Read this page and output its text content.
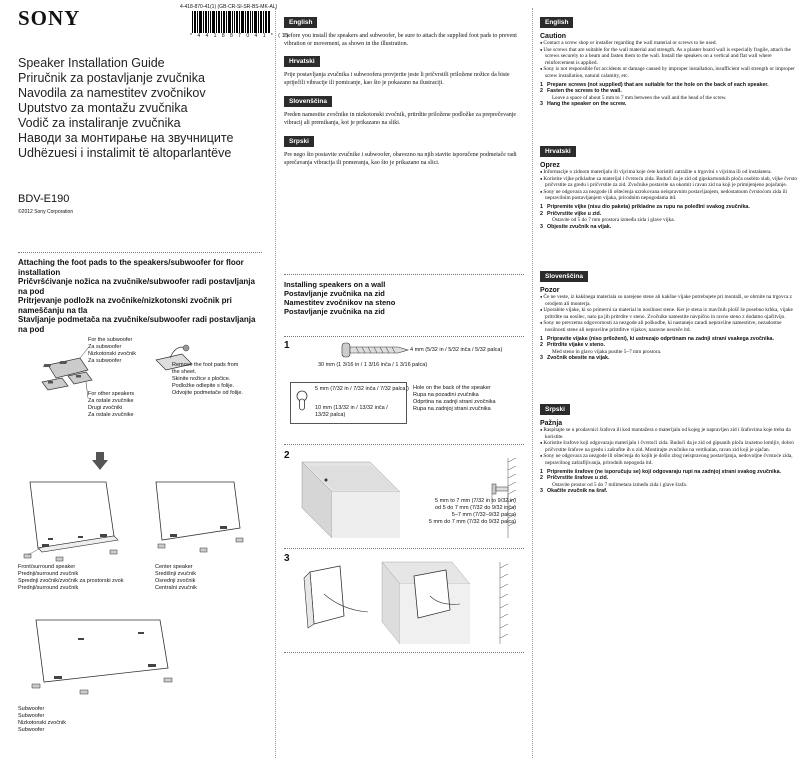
SONY	4-418-870-41(1) (GB-CR-SI-SR-BS-MK-AL)
* 4 4 1 8 8 7 0 4 1 * (1)
Speaker Installation Guide
Priručnik za postavljanje zvučnika
Navodila za namestitev zvočnikov
Uputstvo za montažu zvučnika
Vodič za instaliranje zvučnika
Наводи за монтирање на звучниците
Udhëzuesi i instalimit të altoparlantëve
BDV-E190
©2012 Sony Corporation
Attaching the foot pads to the speakers/subwoofer for floor installation
Pričvršćivanje nožica na zvučnike/subwoofer radi postavljanja na pod
Pritrjevanje podložk na zvočnike/nizkotonski zvočnik pri nameščanju na tla
Stavljanje podmetača na zvučnike/subwoofer radi postavljanja na pod
For the subwoofer
Za subwoofer
Nizkotonski zvočnik
Za subwoofer
For other speakers
Za ostale zvučnike
Drugi zvočniki
Za ostale zvučnike
Remove the foot pads from
the sheet.
Skinite nožice s pločice.
Podložke odlepite s folije.
Odvojite podmetače od folije.
Front/surround speaker
Prednji/surround zvučnik
Sprednji zvočnik/zvočnik za prostorski zvok
Prednji/surround zvučnik
Center speaker
Središnji zvučnik
Osrednji zvočnik
Centralni zvučnik
Subwoofer
Subwoofer
Nizkotonski zvočnik
Subwoofer
English
Before you install the speakers and subwoofer, be sure to attach the supplied foot pads to prevent vibration or movement, as shown in the illustration.
Hrvatski
Prije postavljanja zvučnika i subwoofera provjerite jeste li pričvrstili priložene nožice da biste spriječili vibracije ili pomicanje, kao što je pokazano na ilustraciji.
Slovenščina
Preden namestite zvočnike in nizkotonski zvočnik, pritrdite priložene podložke za preprečevanje vibracij ali premikanja, kot je prikazano na sliki.
Srpski
Pre nego što postavite zvučnike i subwoofer, obavezno na njih stavite isporučene podmetače radi sprečavanja vibracija ili pomeranja, kao što je prikazano na slici.
Installing speakers on a wall
Postavljanje zvučnika na zid
Namestitev zvočnikov na steno
Postavljanje zvučnika na zid
1	4 mm (5/32 in / 5/32 inča / 5/32 palca)
30 mm (1 3/16 in / 1 3/16 inča / 1 3/16 palca)
5 mm (7/32 in / 7/32 inča / 7/32 palca )
10 mm (13/32 in / 13/32 inča / 13/32 palca)
Hole on the back of the speaker
Rupa na pozadini zvučnika
Odprtina na zadnji strani zvočnika
Rupa na zadnjoj strani zvučnika
2
5 mm to 7 mm (7/32 in to 9/32 in)
od 5 do 7 mm (7/32 do 9/32 inča)
5–7 mm (7/32–9/32 palca)
5 mm do 7 mm (7/32 do 9/32 palca)
3
English
Caution
● Contact a screw shop or installer regarding the wall material or screws to be used.
● Use screws that are suitable for the wall material and strength. As a plaster board wall is especially fragile, attach the screws securely to a beam and fasten them to the wall. Install the speakers on a vertical and flat wall where reinforcement is applied.
● Sony is not responsible for accidents or damage caused by improper installation, insufficient wall strength or improper screw installation, natural calamity, etc.
1 Prepare screws (not supplied) that are suitable for the hole on the back of each speaker.
2 Fasten the screws to the wall.
Leave a space of about 5 mm to 7 mm between the wall and the head of the screw.
3 Hang the speaker on the screw.
Hrvatski
Oprez
● Informacije o zidnom materijalu ili vijcima koje ćete koristiti zatražite u trgovini s vijcima ili od instalatera.
● Koristite vijke prikladne za materijal i čvrstoću zida. Budući da je zid od gipskartonskih ploča osobito slab, vijke čvrsto pričvrstite za gredu i pričvrstite za zid. Zvučnike postavite na okomit i ravan zid na koji je primijenjeno pojačanje.
● Sony ne odgovara za nezgode ili oštećenja uzrokovana neispravnim postavljanjem, nedostatnom čvrstoćom zida ili nepravilnim postavljanjem vijaka, prirodnim nepogodama itd.
1 Pripremite vijke (nisu dio paketa) prikladne za rupu na poleđini svakog zvučnika.
2 Pričvrstite vijke u zid.
Ostavite od 5 do 7 mm prostora između zida i glave vijka.
3 Objesite zvučnik na vijak.
Slovenščina
Pozor
● Če ne veste, iz kakšnega materiala so narejene stene ali kakšne vijake potrebujete pri montaži, se obrnite na trgovca z orodjem ali monterja.
● Uporabite vijake, ki so primerni za material in nosilnost stene. Ker je stena iz mavčnih plošč še posebno krhka, vijake pritrdite na nosilec, nato pa jih pritrdite v steno. Zvočnike namestite navpično in ravno steno z dodatno ojačitvijo.
● Sony ne prevzema odgovornosti za nezgode ali poškodbe, ki nastanejo zaradi nepravilne namestitve, nezadostne nosilnosti stene ali nepravilne pritrditve vijakov, naravne nesreče itd.
1 Pripravite vijake (niso priloženi), ki ustrezajo odprtinam na zadnji strani vsakega zvočnika.
2 Pritrdite vijake v steno.
Med steno in glavo vijaka pustite 5–7 mm prostora.
3 Zvočnik obesite na vijak.
Srpski
Pažnja
● Raspitajte se u prodavnici šrafova ili kod montažera o materijalu od kojeg je napravljen zid i šrafovima koje treba da koristite.
● Koristite šrafove koji odgovaraju materijalu i čvrstoći zida. Budući da je zid od gipsanih ploča izuzetno lomljiv, dobro pričvrstite šrafove na gredu i zašrafite ih u zid. Montirajte zvučnike na vertikalan, ravan zid koji je ojačan.
● Sony ne odgovara za nezgode ili oštećenja do kojih je došlo zbog neispravnog postavljanja, nedovoljne čvrstoće zida, nepravilnog zašrafljivanja, prirodnih nepogoda itd.
1 Pripremite šrafove (ne isporučuju se) koji odgovaraju rupi na zadnjoj strani svakog zvučnika.
2 Pričvrstite šrafove u zid.
Ostavite prostor od 5 do 7 milimetara između zida i glave šrafa.
3 Okačite zvučnik na šraf.
